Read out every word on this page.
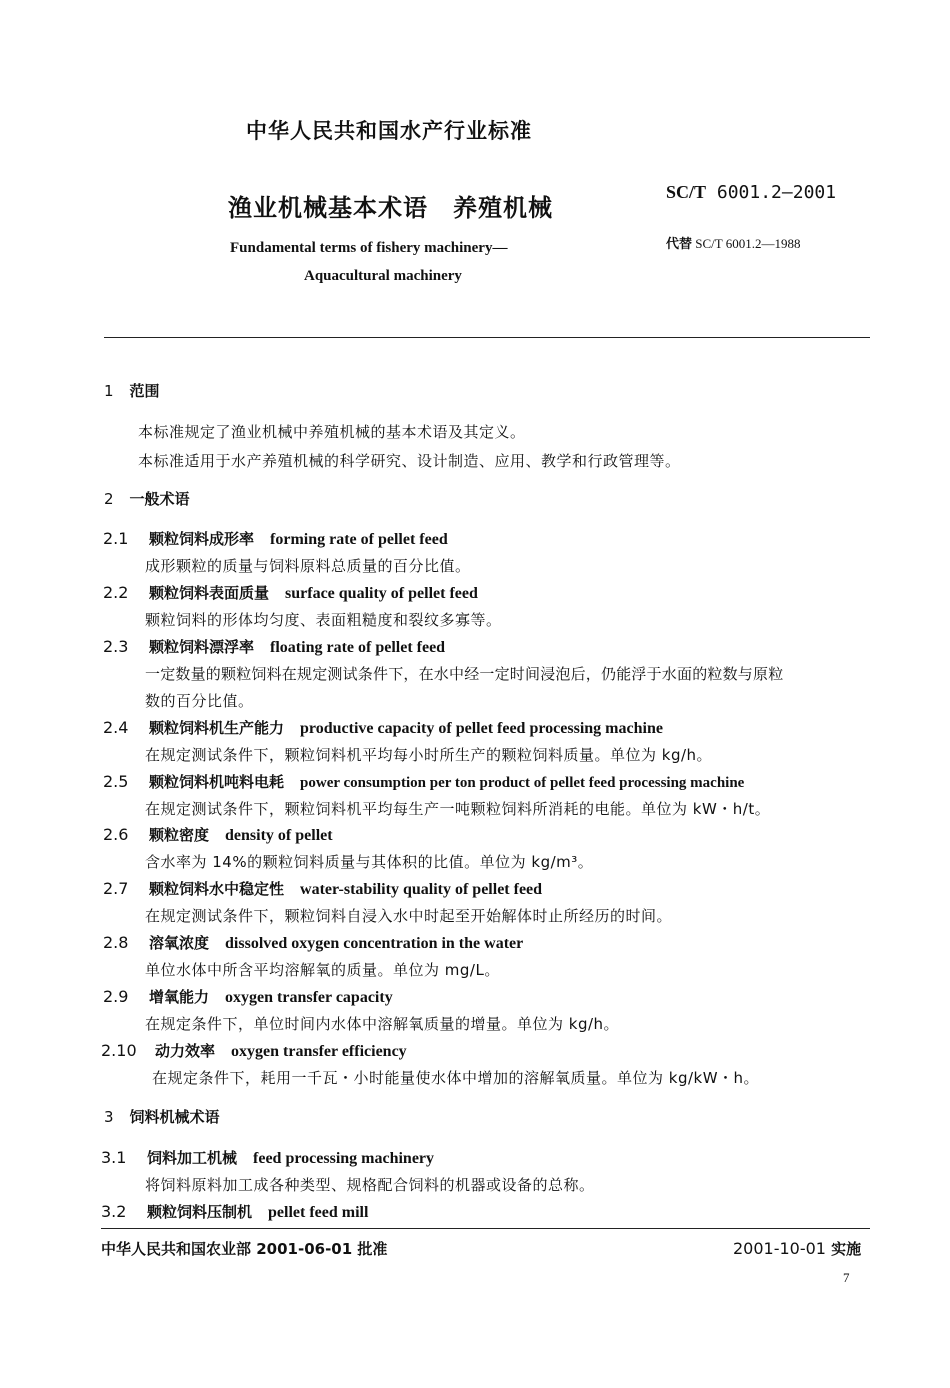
中华人民共和国水产行业标准
渔业机械基本术语　养殖机械
SC/T 6001.2—2001
代替 SC/T 6001.2—1988
Fundamental terms of fishery machinery—
Aquacultural machinery
1 范围
本标准规定了渔业机械中养殖机械的基本术语及其定义。
本标准适用于水产养殖机械的科学研究、设计制造、应用、教学和行政管理等。
2 一般术语
2.1 颗粒饲料成形率 forming rate of pellet feed
成形颗粒的质量与饲料原料总质量的百分比值。
2.2 颗粒饲料表面质量 surface quality of pellet feed
颗粒饲料的形体均匀度、表面粗糙度和裂纹多寡等。
2.3 颗粒饲料漂浮率 floating rate of pellet feed
一定数量的颗粒饲料在规定测试条件下，在水中经一定时间浸泡后，仍能浮于水面的粒数与原粒
数的百分比值。
2.4 颗粒饲料机生产能力 productive capacity of pellet feed processing machine
在规定测试条件下，颗粒饲料机平均每小时所生产的颗粒饲料质量。单位为 kg/h。
2.5 颗粒饲料机吨料电耗 power consumption per ton product of pellet feed processing machine
在规定测试条件下，颗粒饲料机平均每生产一吨颗粒饲料所消耗的电能。单位为 kW・h/t。
2.6 颗粒密度 density of pellet
含水率为 14%的颗粒饲料质量与其体积的比值。单位为 kg/m³。
2.7 颗粒饲料水中稳定性 water-stability quality of pellet feed
在规定测试条件下，颗粒饲料自浸入水中时起至开始解体时止所经历的时间。
2.8 溶氧浓度 dissolved oxygen concentration in the water
单位水体中所含平均溶解氧的质量。单位为 mg/L。
2.9 增氧能力 oxygen transfer capacity
在规定条件下，单位时间内水体中溶解氧质量的增量。单位为 kg/h。
2.10 动力效率 oxygen transfer efficiency
在规定条件下，耗用一千瓦・小时能量使水体中增加的溶解氧质量。单位为 kg/kW・h。
3 饲料机械术语
3.1 饲料加工机械 feed processing machinery
将饲料原料加工成各种类型、规格配合饲料的机器或设备的总称。
3.2 颗粒饲料压制机 pellet feed mill
中华人民共和国农业部 2001-06-01 批准	2001-10-01 实施
7
